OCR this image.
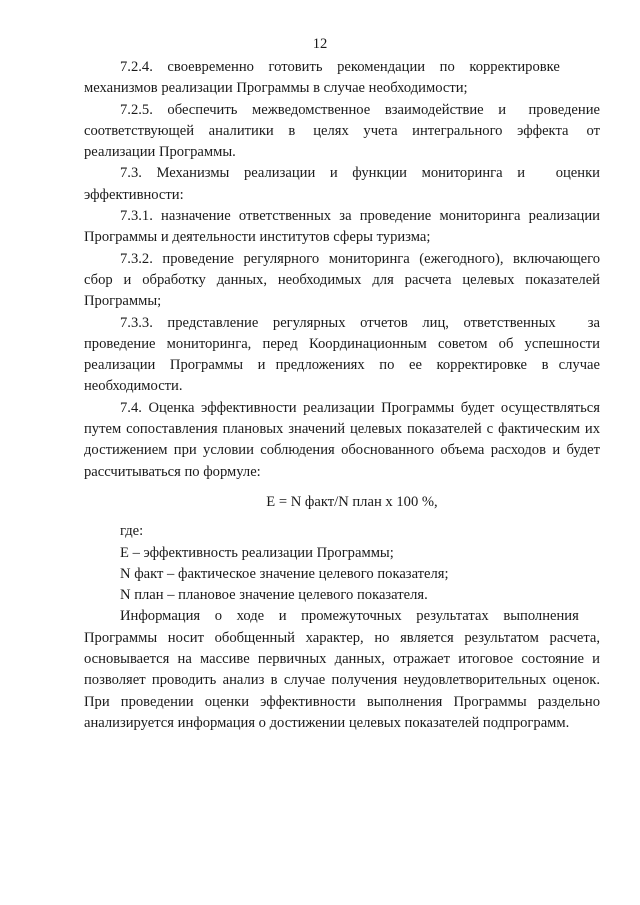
12

7.2.4. своевременно готовить рекомендации по корректировке механизмов реализации Программы в случае необходимости;

7.2.5. обеспечить межведомственное взаимодействие и проведение соответствующей аналитики в целях учета интегрального эффекта от реализации Программы.

7.3. Механизмы реализации и функции мониторинга и оценки эффективности:

7.3.1. назначение ответственных за проведение мониторинга реализации Программы и деятельности институтов сферы туризма;

7.3.2. проведение регулярного мониторинга (ежегодного), включающего сбор и обработку данных, необходимых для расчета целевых показателей Программы;

7.3.3. представление регулярных отчетов лиц, ответственных за проведение мониторинга, перед Координационным советом об успешности реализации Программы и предложениях по ее корректировке в случае необходимости.

7.4. Оценка эффективности реализации Программы будет осуществляться путем сопоставления плановых значений целевых показателей с фактическим их достижением при условии соблюдения обоснованного объема расходов и будет рассчитываться по формуле:

E = N факт/N план х 100 %,

где:

E – эффективность реализации Программы;

N факт – фактическое значение целевого показателя;

N план – плановое значение целевого показателя.

Информация о ходе и промежуточных результатах выполнения Программы носит обобщенный характер, но является результатом расчета, основывается на массиве первичных данных, отражает итоговое состояние и позволяет проводить анализ в случае получения неудовлетворительных оценок. При проведении оценки эффективности выполнения Программы раздельно анализируется информация о достижении целевых показателей подпрограмм.
